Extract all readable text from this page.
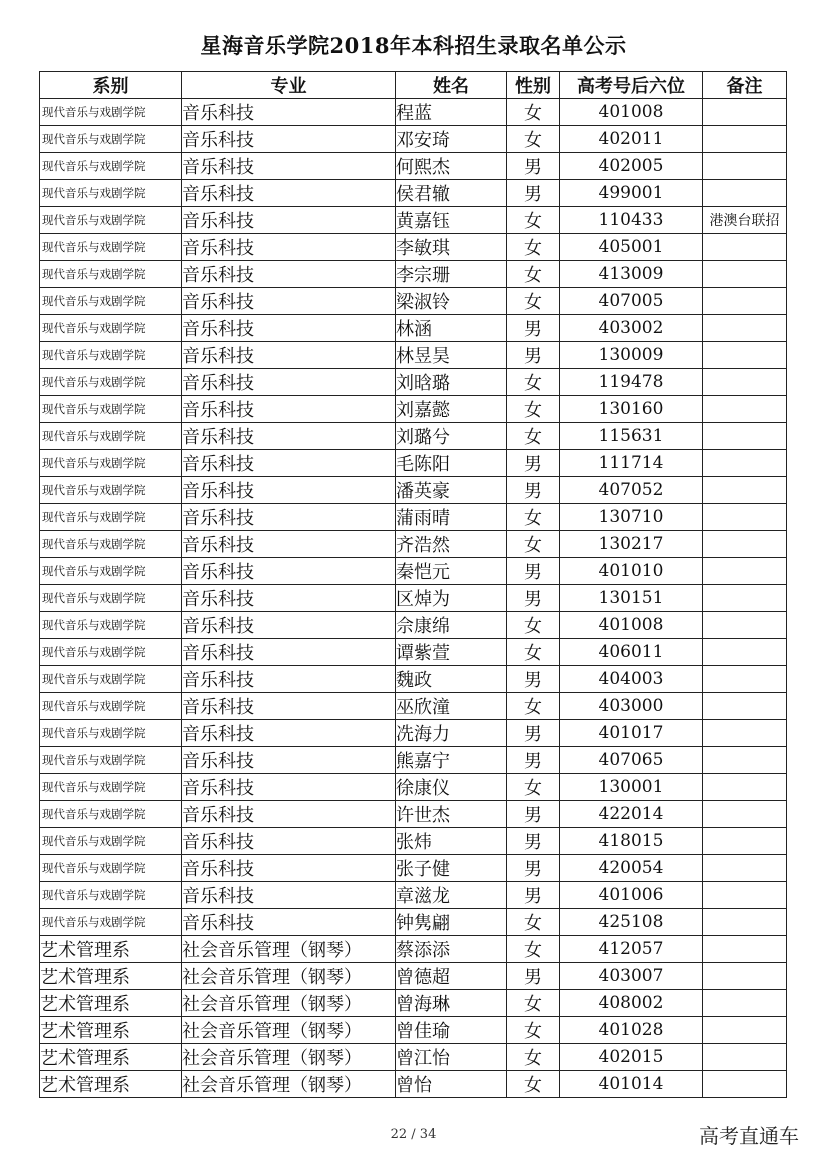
星海音乐学院2018年本科招生录取名单公示
系别	专业	姓名	性别	高考号后六位	备注
现代音乐与戏剧学院	音乐科技	程蓝	女	401008	
现代音乐与戏剧学院	音乐科技	邓安琦	女	402011	
现代音乐与戏剧学院	音乐科技	何熙杰	男	402005	
现代音乐与戏剧学院	音乐科技	侯君辙	男	499001	
现代音乐与戏剧学院	音乐科技	黄嘉钰	女	110433	港澳台联招
现代音乐与戏剧学院	音乐科技	李敏琪	女	405001	
现代音乐与戏剧学院	音乐科技	李宗珊	女	413009	
现代音乐与戏剧学院	音乐科技	梁淑铃	女	407005	
现代音乐与戏剧学院	音乐科技	林涵	男	403002	
现代音乐与戏剧学院	音乐科技	林昱昊	男	130009	
现代音乐与戏剧学院	音乐科技	刘晗璐	女	119478	
现代音乐与戏剧学院	音乐科技	刘嘉懿	女	130160	
现代音乐与戏剧学院	音乐科技	刘璐兮	女	115631	
现代音乐与戏剧学院	音乐科技	毛陈阳	男	111714	
现代音乐与戏剧学院	音乐科技	潘英豪	男	407052	
现代音乐与戏剧学院	音乐科技	蒲雨晴	女	130710	
现代音乐与戏剧学院	音乐科技	齐浩然	女	130217	
现代音乐与戏剧学院	音乐科技	秦恺元	男	401010	
现代音乐与戏剧学院	音乐科技	区焯为	男	130151	
现代音乐与戏剧学院	音乐科技	佘康绵	女	401008	
现代音乐与戏剧学院	音乐科技	谭紫萱	女	406011	
现代音乐与戏剧学院	音乐科技	魏政	男	404003	
现代音乐与戏剧学院	音乐科技	巫欣潼	女	403000	
现代音乐与戏剧学院	音乐科技	冼海力	男	401017	
现代音乐与戏剧学院	音乐科技	熊嘉宁	男	407065	
现代音乐与戏剧学院	音乐科技	徐康仪	女	130001	
现代音乐与戏剧学院	音乐科技	许世杰	男	422014	
现代音乐与戏剧学院	音乐科技	张炜	男	418015	
现代音乐与戏剧学院	音乐科技	张子健	男	420054	
现代音乐与戏剧学院	音乐科技	章滋龙	男	401006	
现代音乐与戏剧学院	音乐科技	钟隽翩	女	425108	
艺术管理系	社会音乐管理（钢琴）	蔡添添	女	412057	
艺术管理系	社会音乐管理（钢琴）	曾德超	男	403007	
艺术管理系	社会音乐管理（钢琴）	曾海琳	女	408002	
艺术管理系	社会音乐管理（钢琴）	曾佳瑜	女	401028	
艺术管理系	社会音乐管理（钢琴）	曾江怡	女	402015	
艺术管理系	社会音乐管理（钢琴）	曾怡	女	401014	
22 / 34	高考直通车
